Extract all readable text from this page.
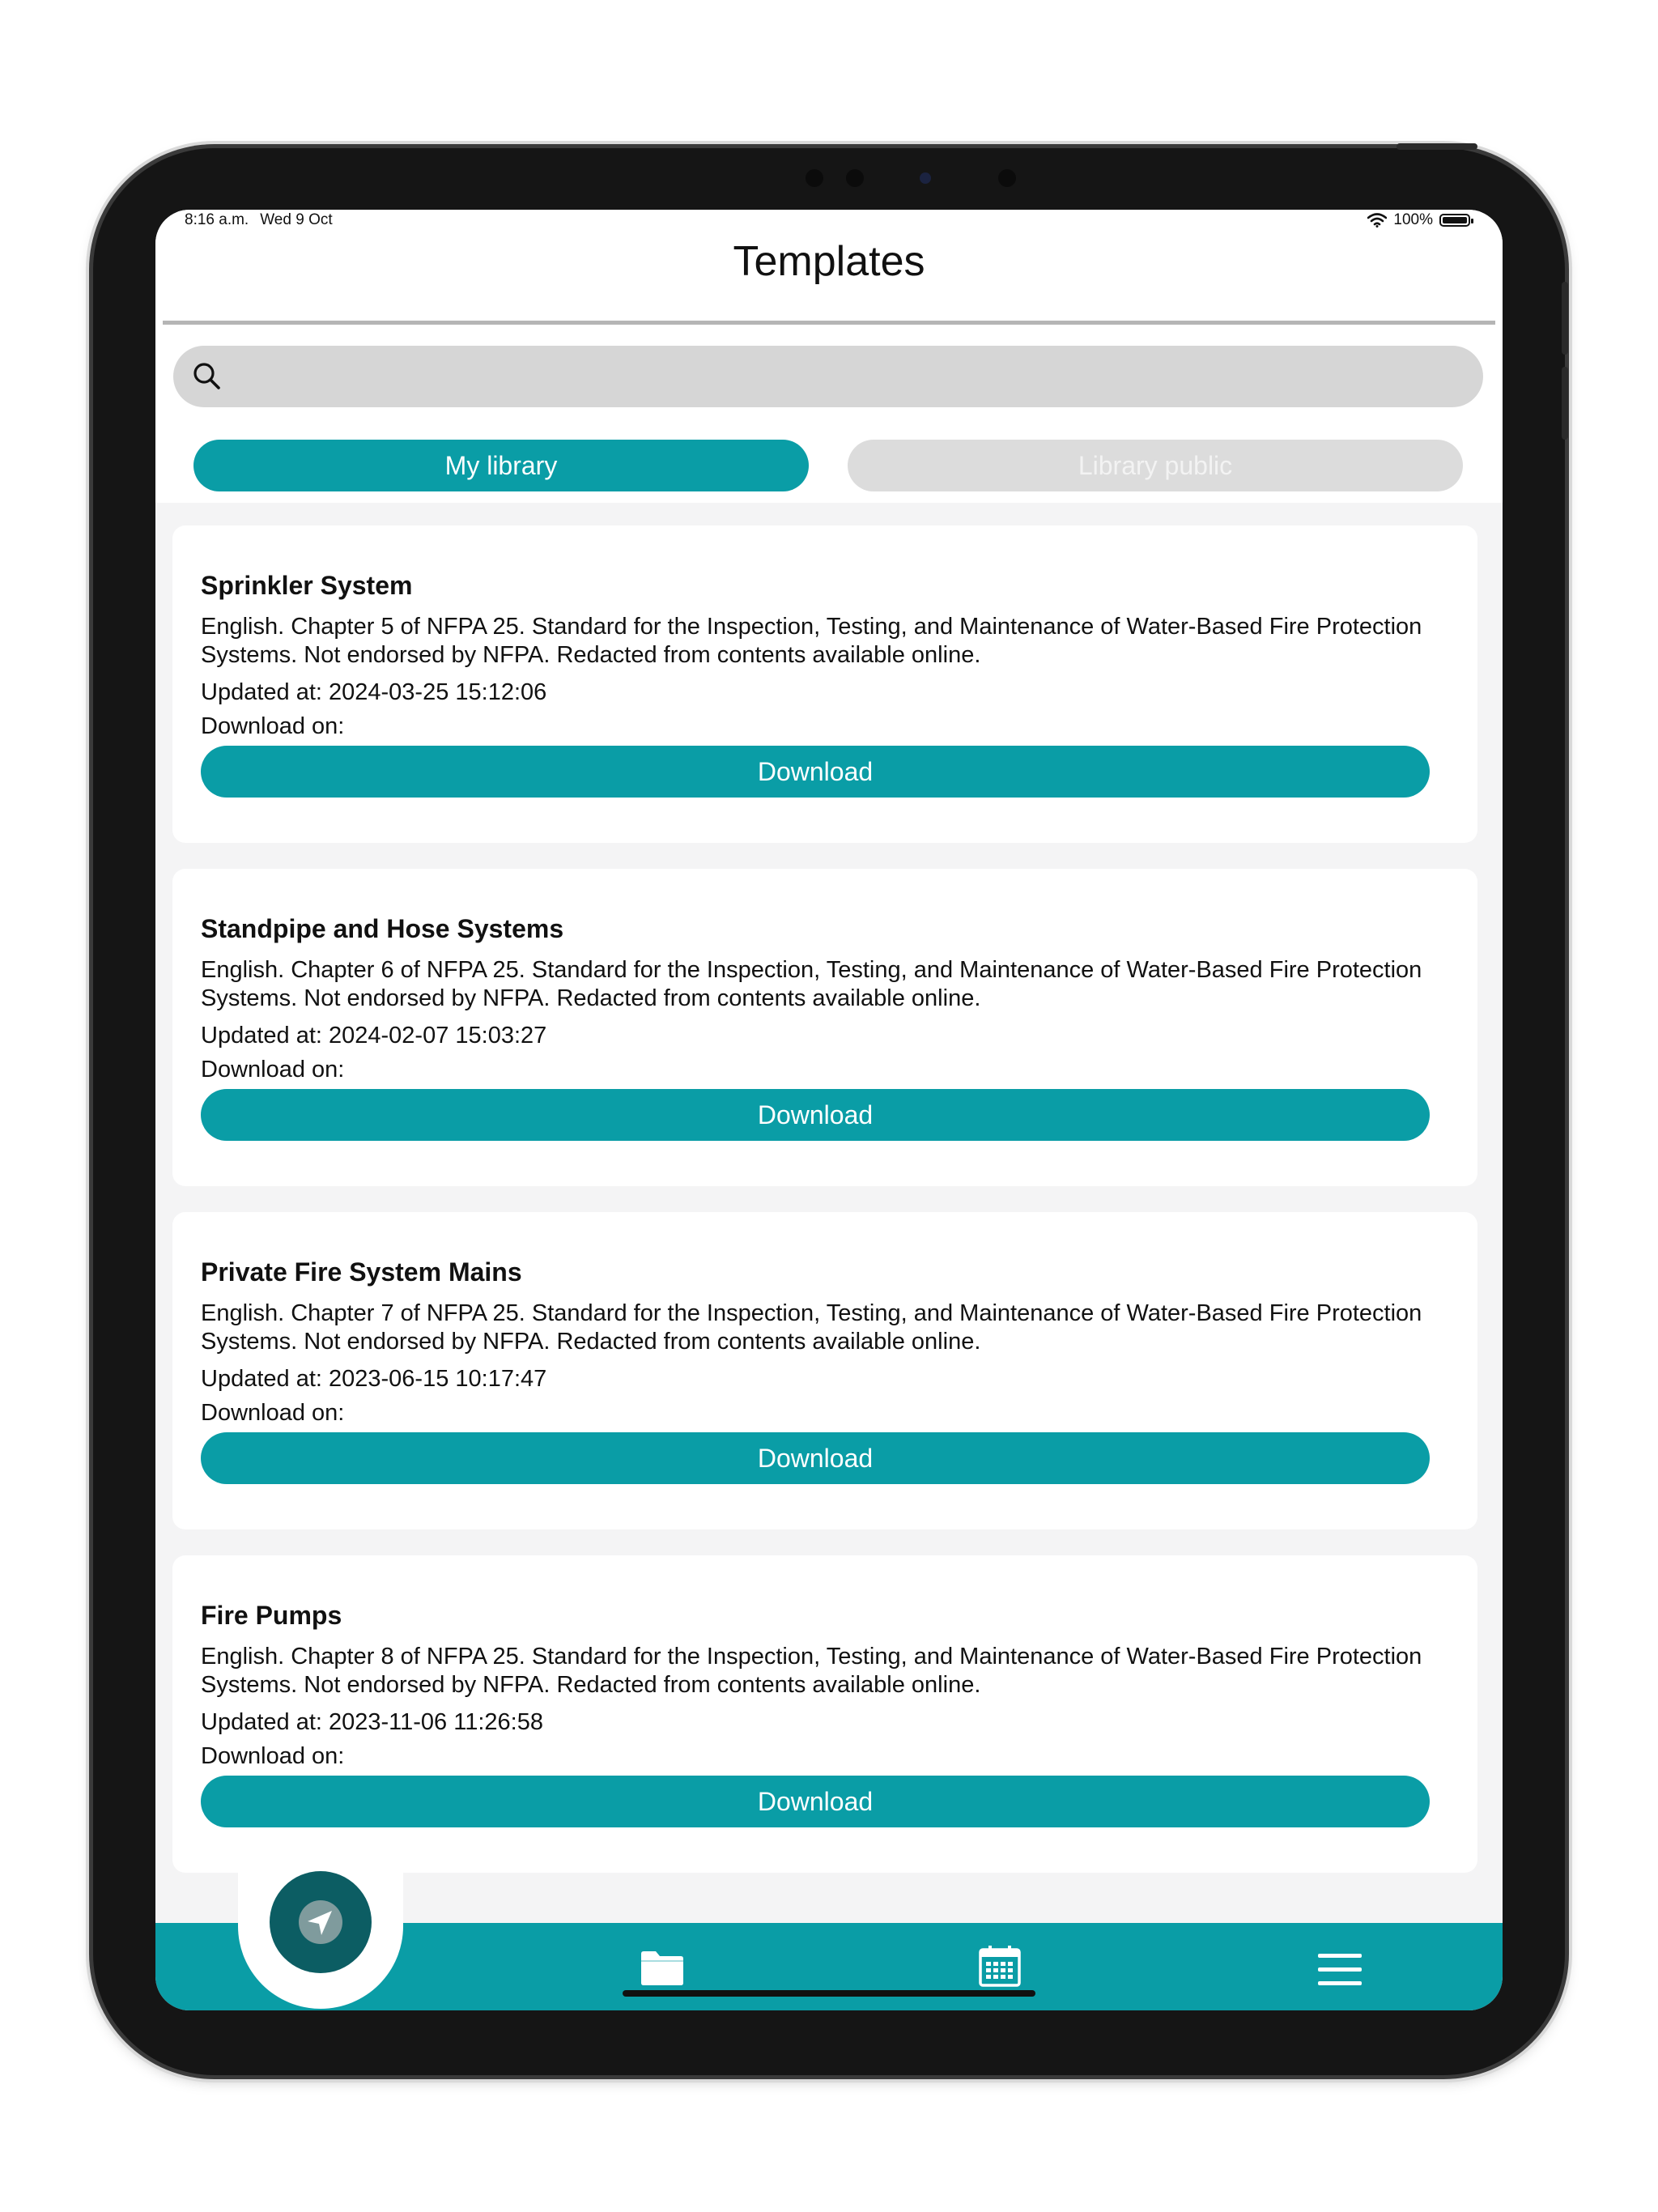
8:16 a.m. Wed 9 Oct	100%
Templates
My library	Library public
Sprinkler System
English. Chapter 5 of NFPA 25. Standard for the Inspection, Testing, and Maintenance of Water-Based Fire Protection Systems. Not endorsed by NFPA. Redacted from contents available online.
Updated at: 2024-03-25 15:12:06
Download on:
Download
Standpipe and Hose Systems
English. Chapter 6 of NFPA 25. Standard for the Inspection, Testing, and Maintenance of Water-Based Fire Protection Systems. Not endorsed by NFPA. Redacted from contents available online.
Updated at: 2024-02-07 15:03:27
Download on:
Download
Private Fire System Mains
English. Chapter 7 of NFPA 25. Standard for the Inspection, Testing, and Maintenance of Water-Based Fire Protection Systems. Not endorsed by NFPA. Redacted from contents available online.
Updated at: 2023-06-15 10:17:47
Download on:
Download
Fire Pumps
English. Chapter 8 of NFPA 25. Standard for the Inspection, Testing, and Maintenance of Water-Based Fire Protection Systems. Not endorsed by NFPA. Redacted from contents available online.
Updated at: 2023-11-06 11:26:58
Download on:
Download
